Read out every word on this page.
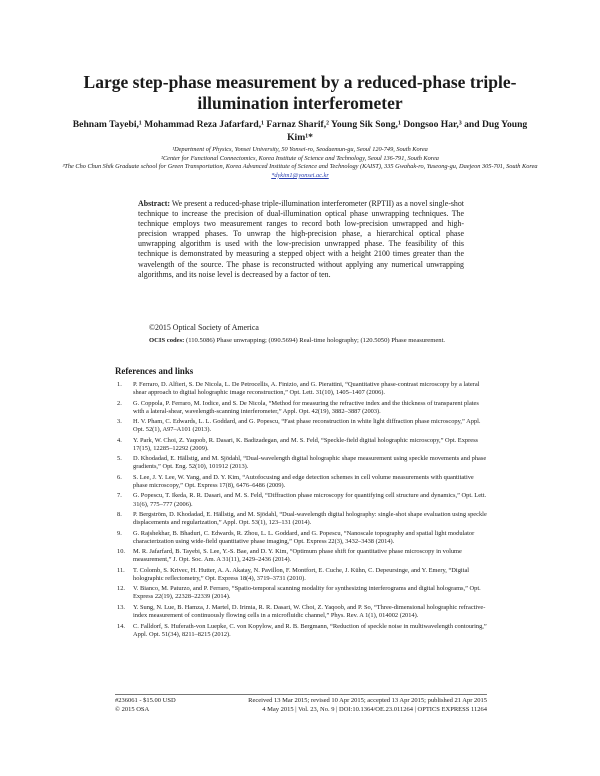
Large step-phase measurement by a reduced-phase triple-illumination interferometer
Behnam Tayebi,¹ Mohammad Reza Jafarfard,¹ Farnaz Sharif,² Young Sik Song,¹ Dongsoo Har,³ and Dug Young Kim¹*
¹Department of Physics, Yonsei University, 50 Yonsei-ro, Seodaemun-gu, Seoul 120-749, South Korea
²Center for Functional Connectomics, Korea Institute of Science and Technology, Seoul 136-791, South Korea
³The Cho Chun Shik Graduate school for Green Transportation, Korea Advanced Institute of Science and Technology (KAIST), 335 Gwahak-ro, Yuseong-gu, Daejeon 305-701, South Korea
*dykim1@yonsei.ac.kr
Abstract: We present a reduced-phase triple-illumination interferometer (RPTII) as a novel single-shot technique to increase the precision of dual-illumination optical phase unwrapping techniques. The technique employs two measurement ranges to record both low-precision unwrapped and high-precision wrapped phases. To unwrap the high-precision phase, a hierarchical optical phase unwrapping algorithm is used with the low-precision unwrapped phase. The feasibility of this technique is demonstrated by measuring a stepped object with a height 2100 times greater than the wavelength of the source. The phase is reconstructed without applying any numerical unwrapping algorithms, and its noise level is decreased by a factor of ten.
©2015 Optical Society of America
OCIS codes: (110.5086) Phase unwrapping; (090.5694) Real-time holography; (120.5050) Phase measurement.
References and links
1. P. Ferraro, D. Alfieri, S. De Nicola, L. De Petrocellis, A. Finizio, and G. Pierattini, “Quantitative phase-contrast microscopy by a lateral shear approach to digital holographic image reconstruction,” Opt. Lett. 31(10), 1405–1407 (2006).
2. G. Coppola, P. Ferraro, M. Iodice, and S. De Nicola, “Method for measuring the refractive index and the thickness of transparent plates with a lateral-shear, wavelength-scanning interferometer,” Appl. Opt. 42(19), 3882–3887 (2003).
3. H. V. Pham, C. Edwards, L. L. Goddard, and G. Popescu, “Fast phase reconstruction in white light diffraction phase microscopy,” Appl. Opt. 52(1), A97–A101 (2013).
4. Y. Park, W. Choi, Z. Yaqoob, R. Dasari, K. Badizadegan, and M. S. Feld, “Speckle-field digital holographic microscopy,” Opt. Express 17(15), 12285–12292 (2009).
5. D. Khodadad, E. Hällstig, and M. Sjödahl, “Dual-wavelength digital holographic shape measurement using speckle movements and phase gradients,” Opt. Eng. 52(10), 101912 (2013).
6. S. Lee, J. Y. Lee, W. Yang, and D. Y. Kim, “Autofocusing and edge detection schemes in cell volume measurements with quantitative phase microscopy,” Opt. Express 17(8), 6476–6486 (2009).
7. G. Popescu, T. Ikeda, R. R. Dasari, and M. S. Feld, “Diffraction phase microscopy for quantifying cell structure and dynamics,” Opt. Lett. 31(6), 775–777 (2006).
8. P. Bergström, D. Khodadad, E. Hällstig, and M. Sjödahl, “Dual-wavelength digital holography: single-shot shape evaluation using speckle displacements and regularization,” Appl. Opt. 53(1), 123–131 (2014).
9. G. Rajshekhar, B. Bhaduri, C. Edwards, R. Zhou, L. L. Goddard, and G. Popescu, “Nanoscale topography and spatial light modulator characterization using wide-field quantitative phase imaging,” Opt. Express 22(3), 3432–3438 (2014).
10. M. R. Jafarfard, B. Tayebi, S. Lee, Y.-S. Bae, and D. Y. Kim, “Optimum phase shift for quantitative phase microscopy in volume measurement,” J. Opt. Soc. Am. A 31(11), 2429–2436 (2014).
11. T. Colomb, S. Krivec, H. Hutter, A. A. Akatay, N. Pavillon, F. Montfort, E. Cuche, J. Kühn, C. Depeursinge, and Y. Emery, “Digital holographic reflectometry,” Opt. Express 18(4), 3719–3731 (2010).
12. V. Bianco, M. Paturzo, and P. Ferraro, “Spatio-temporal scanning modality for synthesizing interferograms and digital holograms,” Opt. Express 22(19), 22328–22339 (2014).
13. Y. Sung, N. Lue, B. Hamza, J. Martel, D. Irimia, R. R. Dasari, W. Choi, Z. Yaqoob, and P. So, “Three-dimensional holographic refractive-index measurement of continuously flowing cells in a microfluidic channel,” Phys. Rev. A 1(1), 014002 (2014).
14. C. Falldorf, S. Huferath-von Luepke, C. von Kopylow, and R. B. Bergmann, “Reduction of speckle noise in multiwavelength contouring,” Appl. Opt. 51(34), 8211–8215 (2012).
#236061 - $15.00 USD	Received 13 Mar 2015; revised 10 Apr 2015; accepted 13 Apr 2015; published 21 Apr 2015
© 2015 OSA	4 May 2015 | Vol. 23, No. 9 | DOI:10.1364/OE.23.011264 | OPTICS EXPRESS 11264
